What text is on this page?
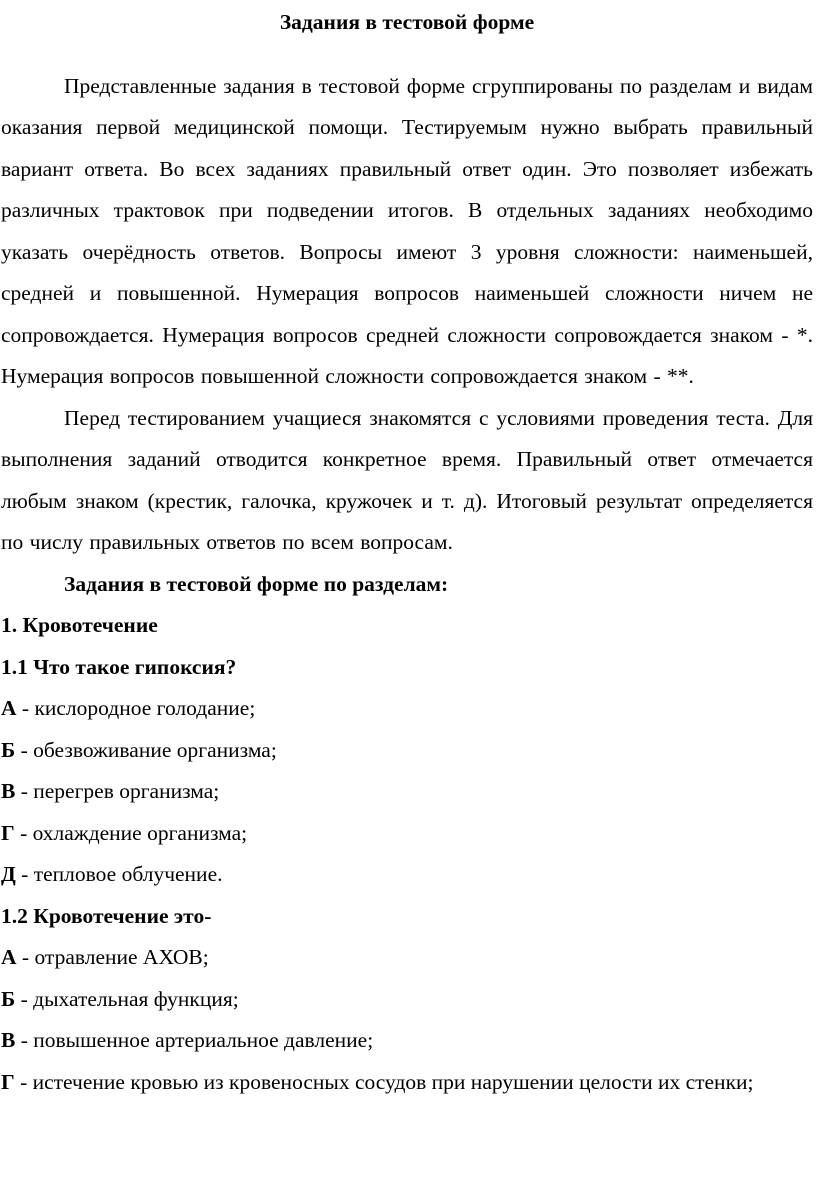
Задания в тестовой форме

Представленные задания в тестовой форме сгруппированы по разделам и видам оказания первой медицинской помощи. Тестируемым нужно выбрать правильный вариант ответа. Во всех заданиях правильный ответ один. Это позволяет избежать различных трактовок при подведении итогов. В отдельных заданиях необходимо указать очерёдность ответов. Вопросы имеют 3 уровня сложности: наименьшей, средней и повышенной. Нумерация вопросов наименьшей сложности ничем не сопровождается. Нумерация вопросов средней сложности сопровождается знаком - *. Нумерация вопросов повышенной сложности сопровождается знаком - **.

Перед тестированием учащиеся знакомятся с условиями проведения теста. Для выполнения заданий отводится конкретное время. Правильный ответ отмечается любым знаком (крестик, галочка, кружочек и т. д). Итоговый результат определяется по числу правильных ответов по всем вопросам.

Задания в тестовой форме по разделам:

1. Кровотечение

1.1 Что такое гипоксия?

А - кислородное голодание;

Б - обезвоживание организма;

В - перегрев организма;

Г - охлаждение организма;

Д - тепловое облучение.

1.2 Кровотечение это-

А - отравление АХОВ;

Б - дыхательная функция;

В - повышенное артериальное давление;

Г - истечение кровью из кровеносных сосудов при нарушении целости их стенки;
